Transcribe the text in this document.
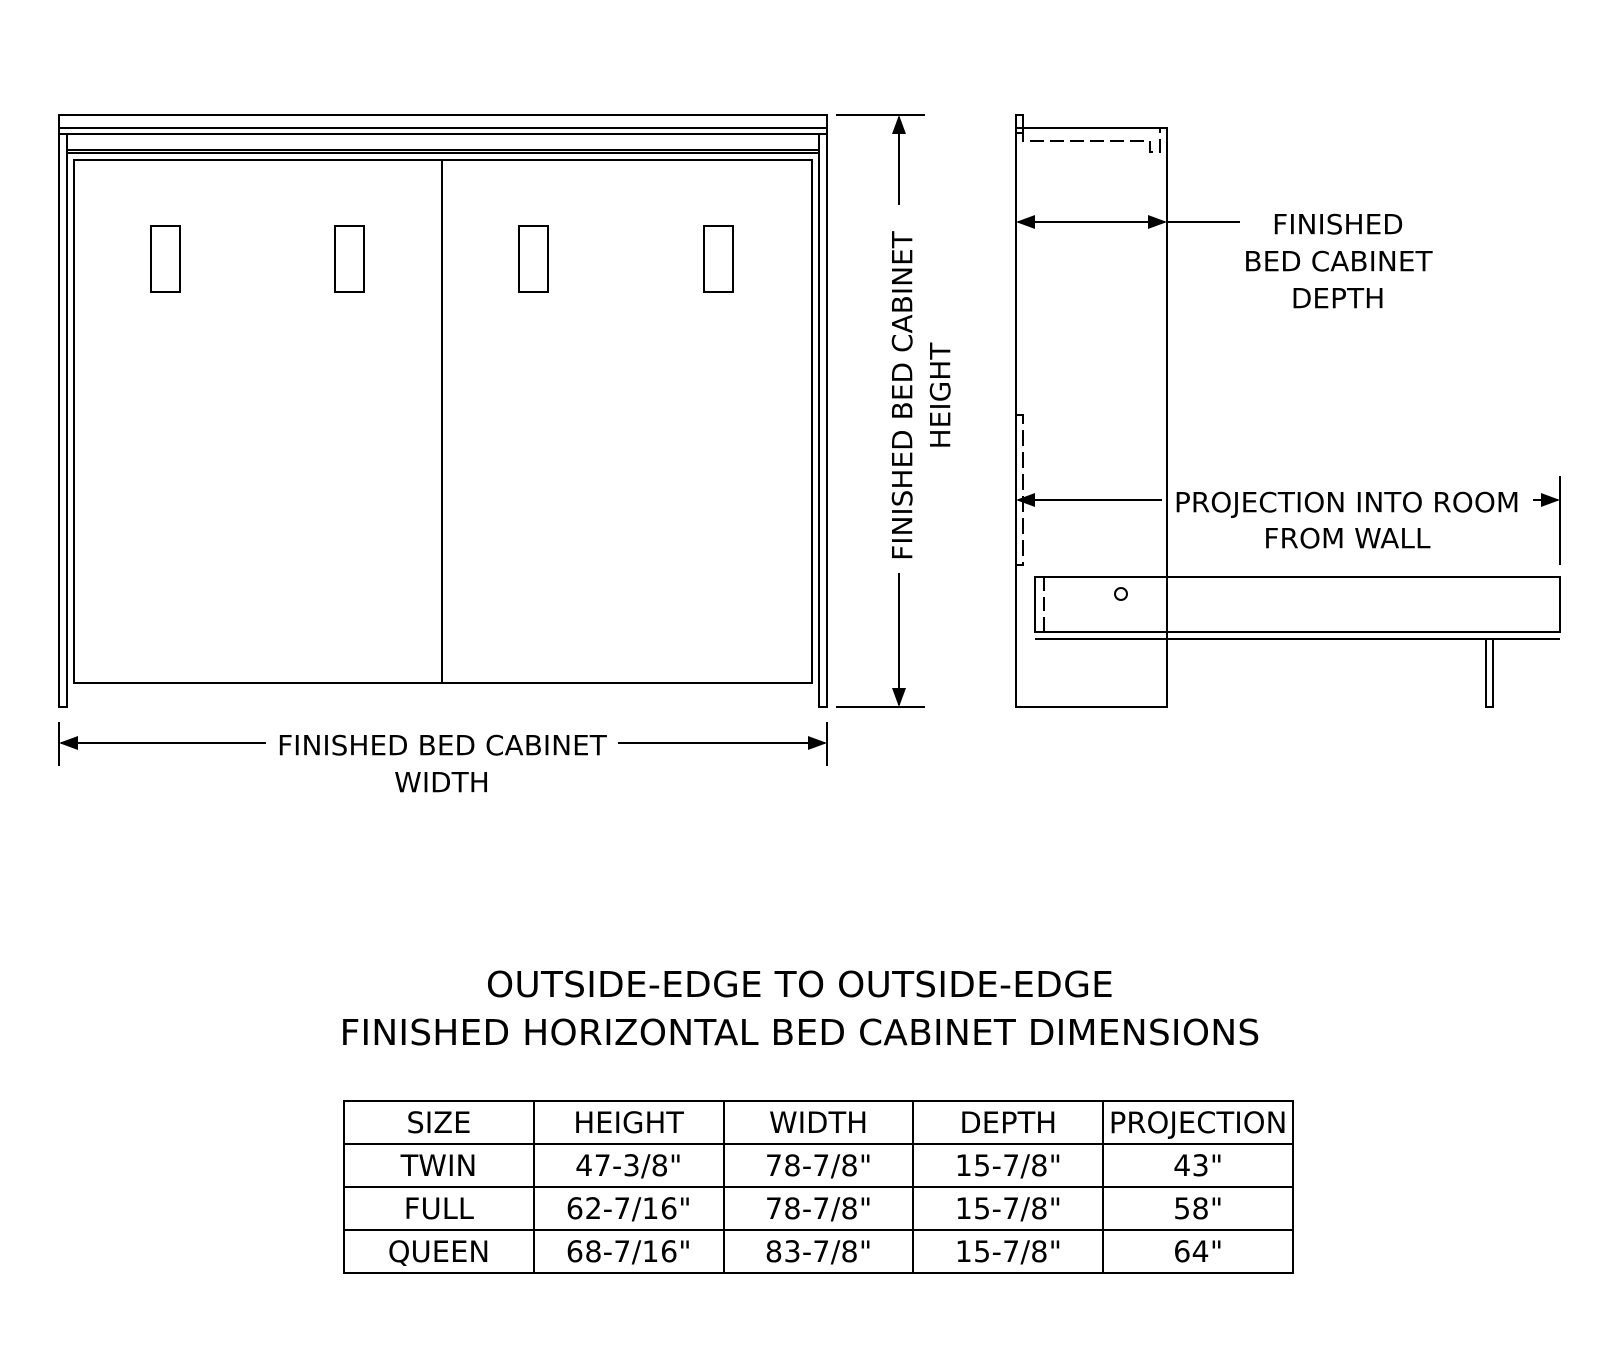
FINISHED BED CABINET HEIGHT
FINISHED BED CABINET
WIDTH
FINISHED
BED CABINET
DEPTH
PROJECTION INTO ROOM
FROM WALL
OUTSIDE-EDGE TO OUTSIDE-EDGE
FINISHED HORIZONTAL BED CABINET DIMENSIONS
SIZE	HEIGHT	WIDTH	DEPTH	PROJECTION
TWIN	47-3/8"	78-7/8"	15-7/8"	43"
FULL	62-7/16"	78-7/8"	15-7/8"	58"
QUEEN	68-7/16"	83-7/8"	15-7/8"	64"
